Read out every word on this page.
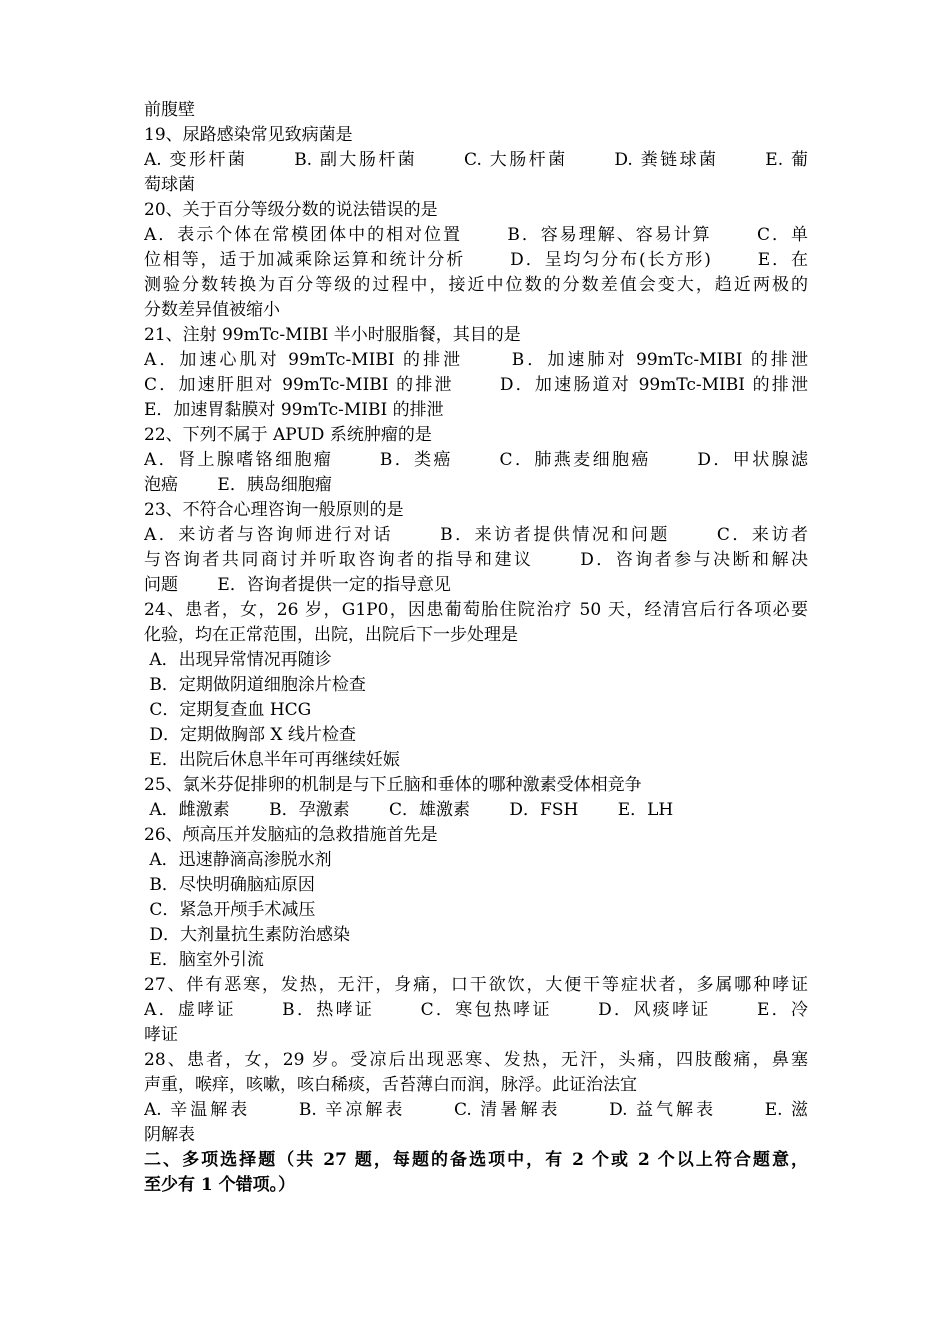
前腹壁
19、尿路感染常见致病菌是
A. 变形杆菌　　 B. 副大肠杆菌　　 C. 大肠杆菌　　 D. 粪链球菌　　 E. 葡
萄球菌
20、关于百分等级分数的说法错误的是
A．表示个体在常模团体中的相对位置　　 B．容易理解、容易计算　　 C．单
位相等，适于加减乘除运算和统计分析　　 D．呈均匀分布(长方形)　　 E．在
测验分数转换为百分等级的过程中，接近中位数的分数差值会变大，趋近两极的
分数差异值被缩小
21、注射 99mTc-MIBI 半小时服脂餐，其目的是
A．加速心肌对 99mTc-MIBI 的排泄　　 B．加速肺对 99mTc-MIBI 的排泄
C．加速肝胆对 99mTc-MIBI 的排泄　　 D．加速肠道对 99mTc-MIBI 的排泄
E．加速胃黏膜对 99mTc-MIBI 的排泄
22、下列不属于 APUD 系统肿瘤的是
A．肾上腺嗜铬细胞瘤　　 B．类癌　　 C．肺燕麦细胞癌　　 D．甲状腺滤
泡癌　　 E．胰岛细胞瘤
23、不符合心理咨询一般原则的是
A．来访者与咨询师进行对话　　 B．来访者提供情况和问题　　 C．来访者
与咨询者共同商讨并听取咨询者的指导和建议　　 D．咨询者参与决断和解决
问题　　 E．咨询者提供一定的指导意见
24、患者，女，26 岁，G1P0，因患葡萄胎住院治疗 50 天，经清宫后行各项必要
化验，均在正常范围，出院，出院后下一步处理是
A．出现异常情况再随诊
B．定期做阴道细胞涂片检查
C．定期复查血 HCG
D．定期做胸部 X 线片检查
E．出院后休息半年可再继续妊娠
25、氯米芬促排卵的机制是与下丘脑和垂体的哪种激素受体相竞争
A．雌激素　　 B．孕激素　　 C．雄激素　　 D．FSH　　 E．LH
26、颅高压并发脑疝的急救措施首先是
A．迅速静滴高渗脱水剂
B．尽快明确脑疝原因
C．紧急开颅手术减压
D．大剂量抗生素防治感染
E．脑室外引流
27、伴有恶寒，发热，无汗，身痛，口干欲饮，大便干等症状者，多属哪种哮证
A．虚哮证　　 B．热哮证　　 C．寒包热哮证　　 D．风痰哮证　　 E．冷
哮证
28、患者，女，29 岁。受凉后出现恶寒、发热，无汗，头痛，四肢酸痛，鼻塞
声重，喉痒，咳嗽，咳白稀痰，舌苔薄白而润，脉浮。此证治法宜
A. 辛温解表　　 B. 辛凉解表　　 C. 清暑解表　　 D. 益气解表　　 E. 滋
阴解表
二、多项选择题（共 27 题，每题的备选项中，有 2 个或 2 个以上符合题意，
至少有 1 个错项。）
